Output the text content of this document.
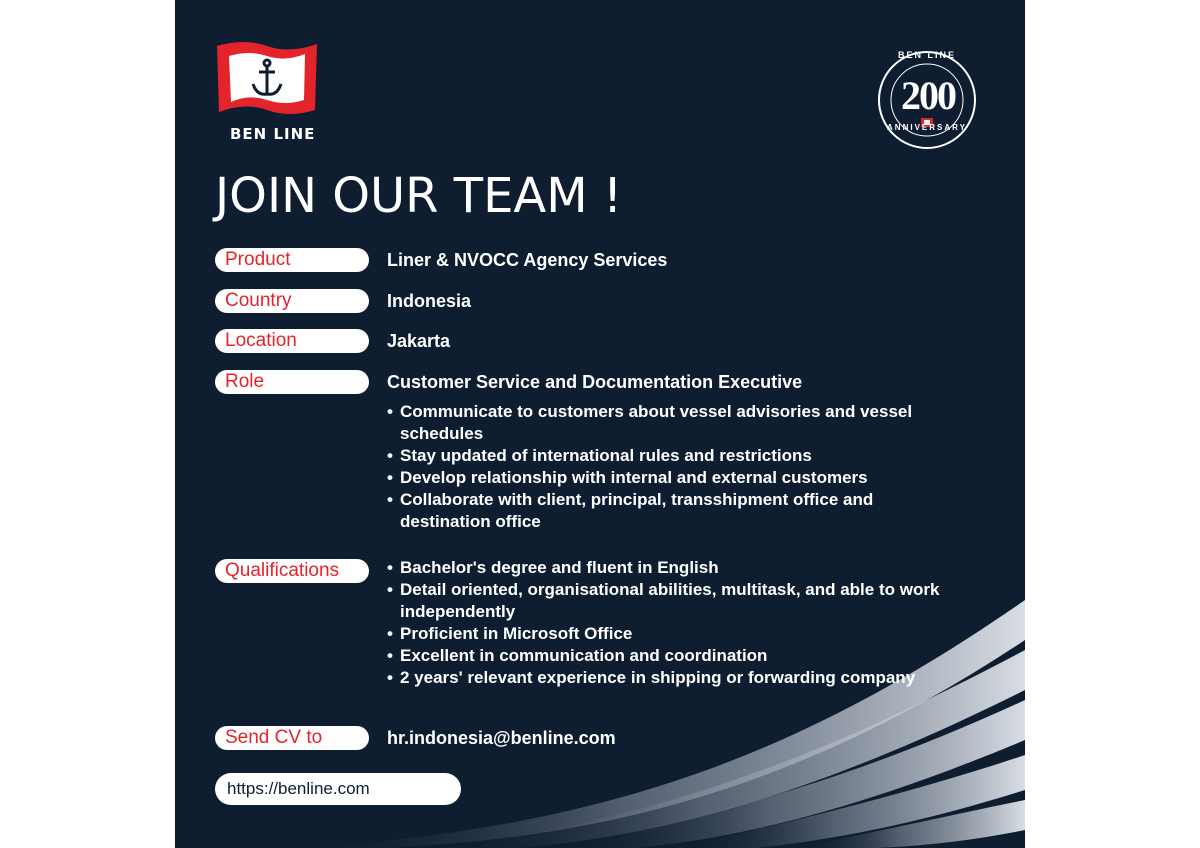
BEN LINE
BEN LINE
200
ANNIVERSARY
JOIN OUR TEAM !
Product	Liner & NVOCC Agency Services
Country	Indonesia
Location	Jakarta
Role	Customer Service and Documentation Executive
• Communicate to customers about vessel advisories and vessel schedules
• Stay updated of international rules and restrictions
• Develop relationship with internal and external customers
• Collaborate with client, principal, transshipment office and destination office
Qualifications
•	Bachelor's degree and fluent in English
• Detail oriented, organisational abilities, multitask, and able to work independently
• Proficient in Microsoft Office
• Excellent in communication and coordination
• 2 years' relevant experience in shipping or forwarding company
Send CV to	hr.indonesia@benline.com
https://benline.com
